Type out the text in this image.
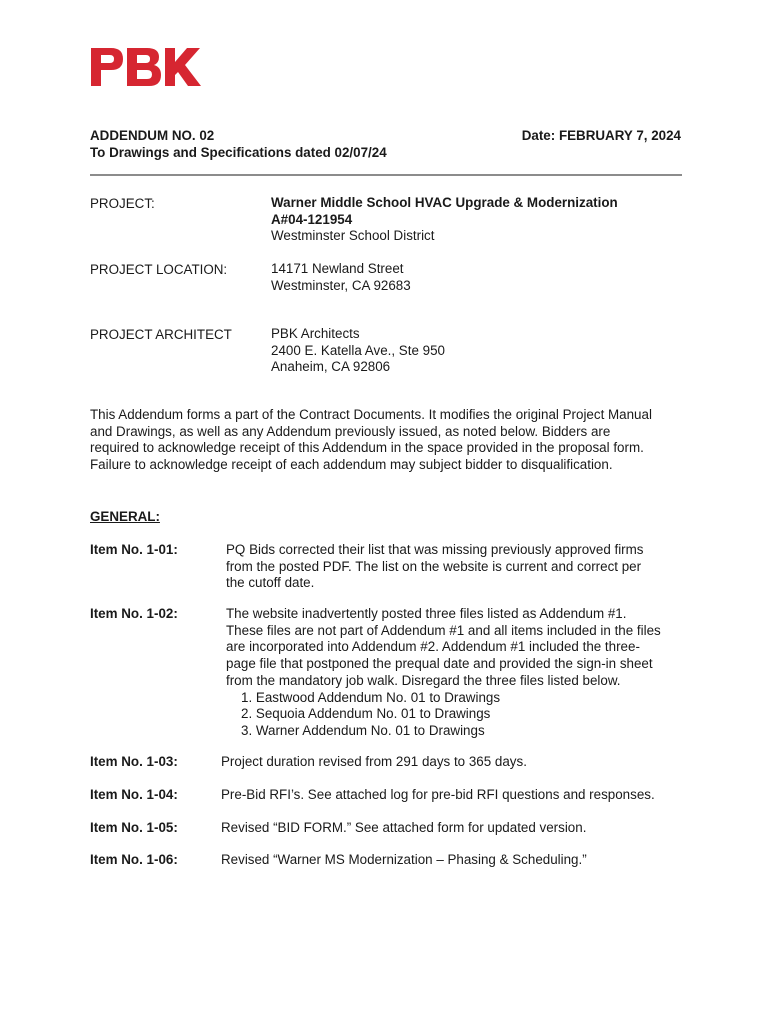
ADDENDUM NO. 02
To Drawings and Specifications dated 02/07/24
Date: FEBRUARY 7, 2024
PROJECT:	Warner Middle School HVAC Upgrade & Modernization
A#04-121954
Westminster School District
PROJECT LOCATION:	14171 Newland Street
Westminster, CA 92683
PROJECT ARCHITECT	PBK Architects
2400 E. Katella Ave., Ste 950
Anaheim, CA 92806
This Addendum forms a part of the Contract Documents. It modifies the original Project Manual
and Drawings, as well as any Addendum previously issued, as noted below. Bidders are
required to acknowledge receipt of this Addendum in the space provided in the proposal form.
Failure to acknowledge receipt of each addendum may subject bidder to disqualification.
GENERAL:
Item No. 1-01:	PQ Bids corrected their list that was missing previously approved firms
from the posted PDF. The list on the website is current and correct per
the cutoff date.
Item No. 1-02:	The website inadvertently posted three files listed as Addendum #1.
These files are not part of Addendum #1 and all items included in the files
are incorporated into Addendum #2. Addendum #1 included the three-
page file that postponed the prequal date and provided the sign-in sheet
from the mandatory job walk. Disregard the three files listed below.
1. Eastwood Addendum No. 01 to Drawings
2. Sequoia Addendum No. 01 to Drawings
3. Warner Addendum No. 01 to Drawings
Item No. 1-03:	Project duration revised from 291 days to 365 days.
Item No. 1-04:	Pre-Bid RFI’s. See attached log for pre-bid RFI questions and responses.
Item No. 1-05:	Revised “BID FORM.” See attached form for updated version.
Item No. 1-06:	Revised “Warner MS Modernization – Phasing & Scheduling.”
